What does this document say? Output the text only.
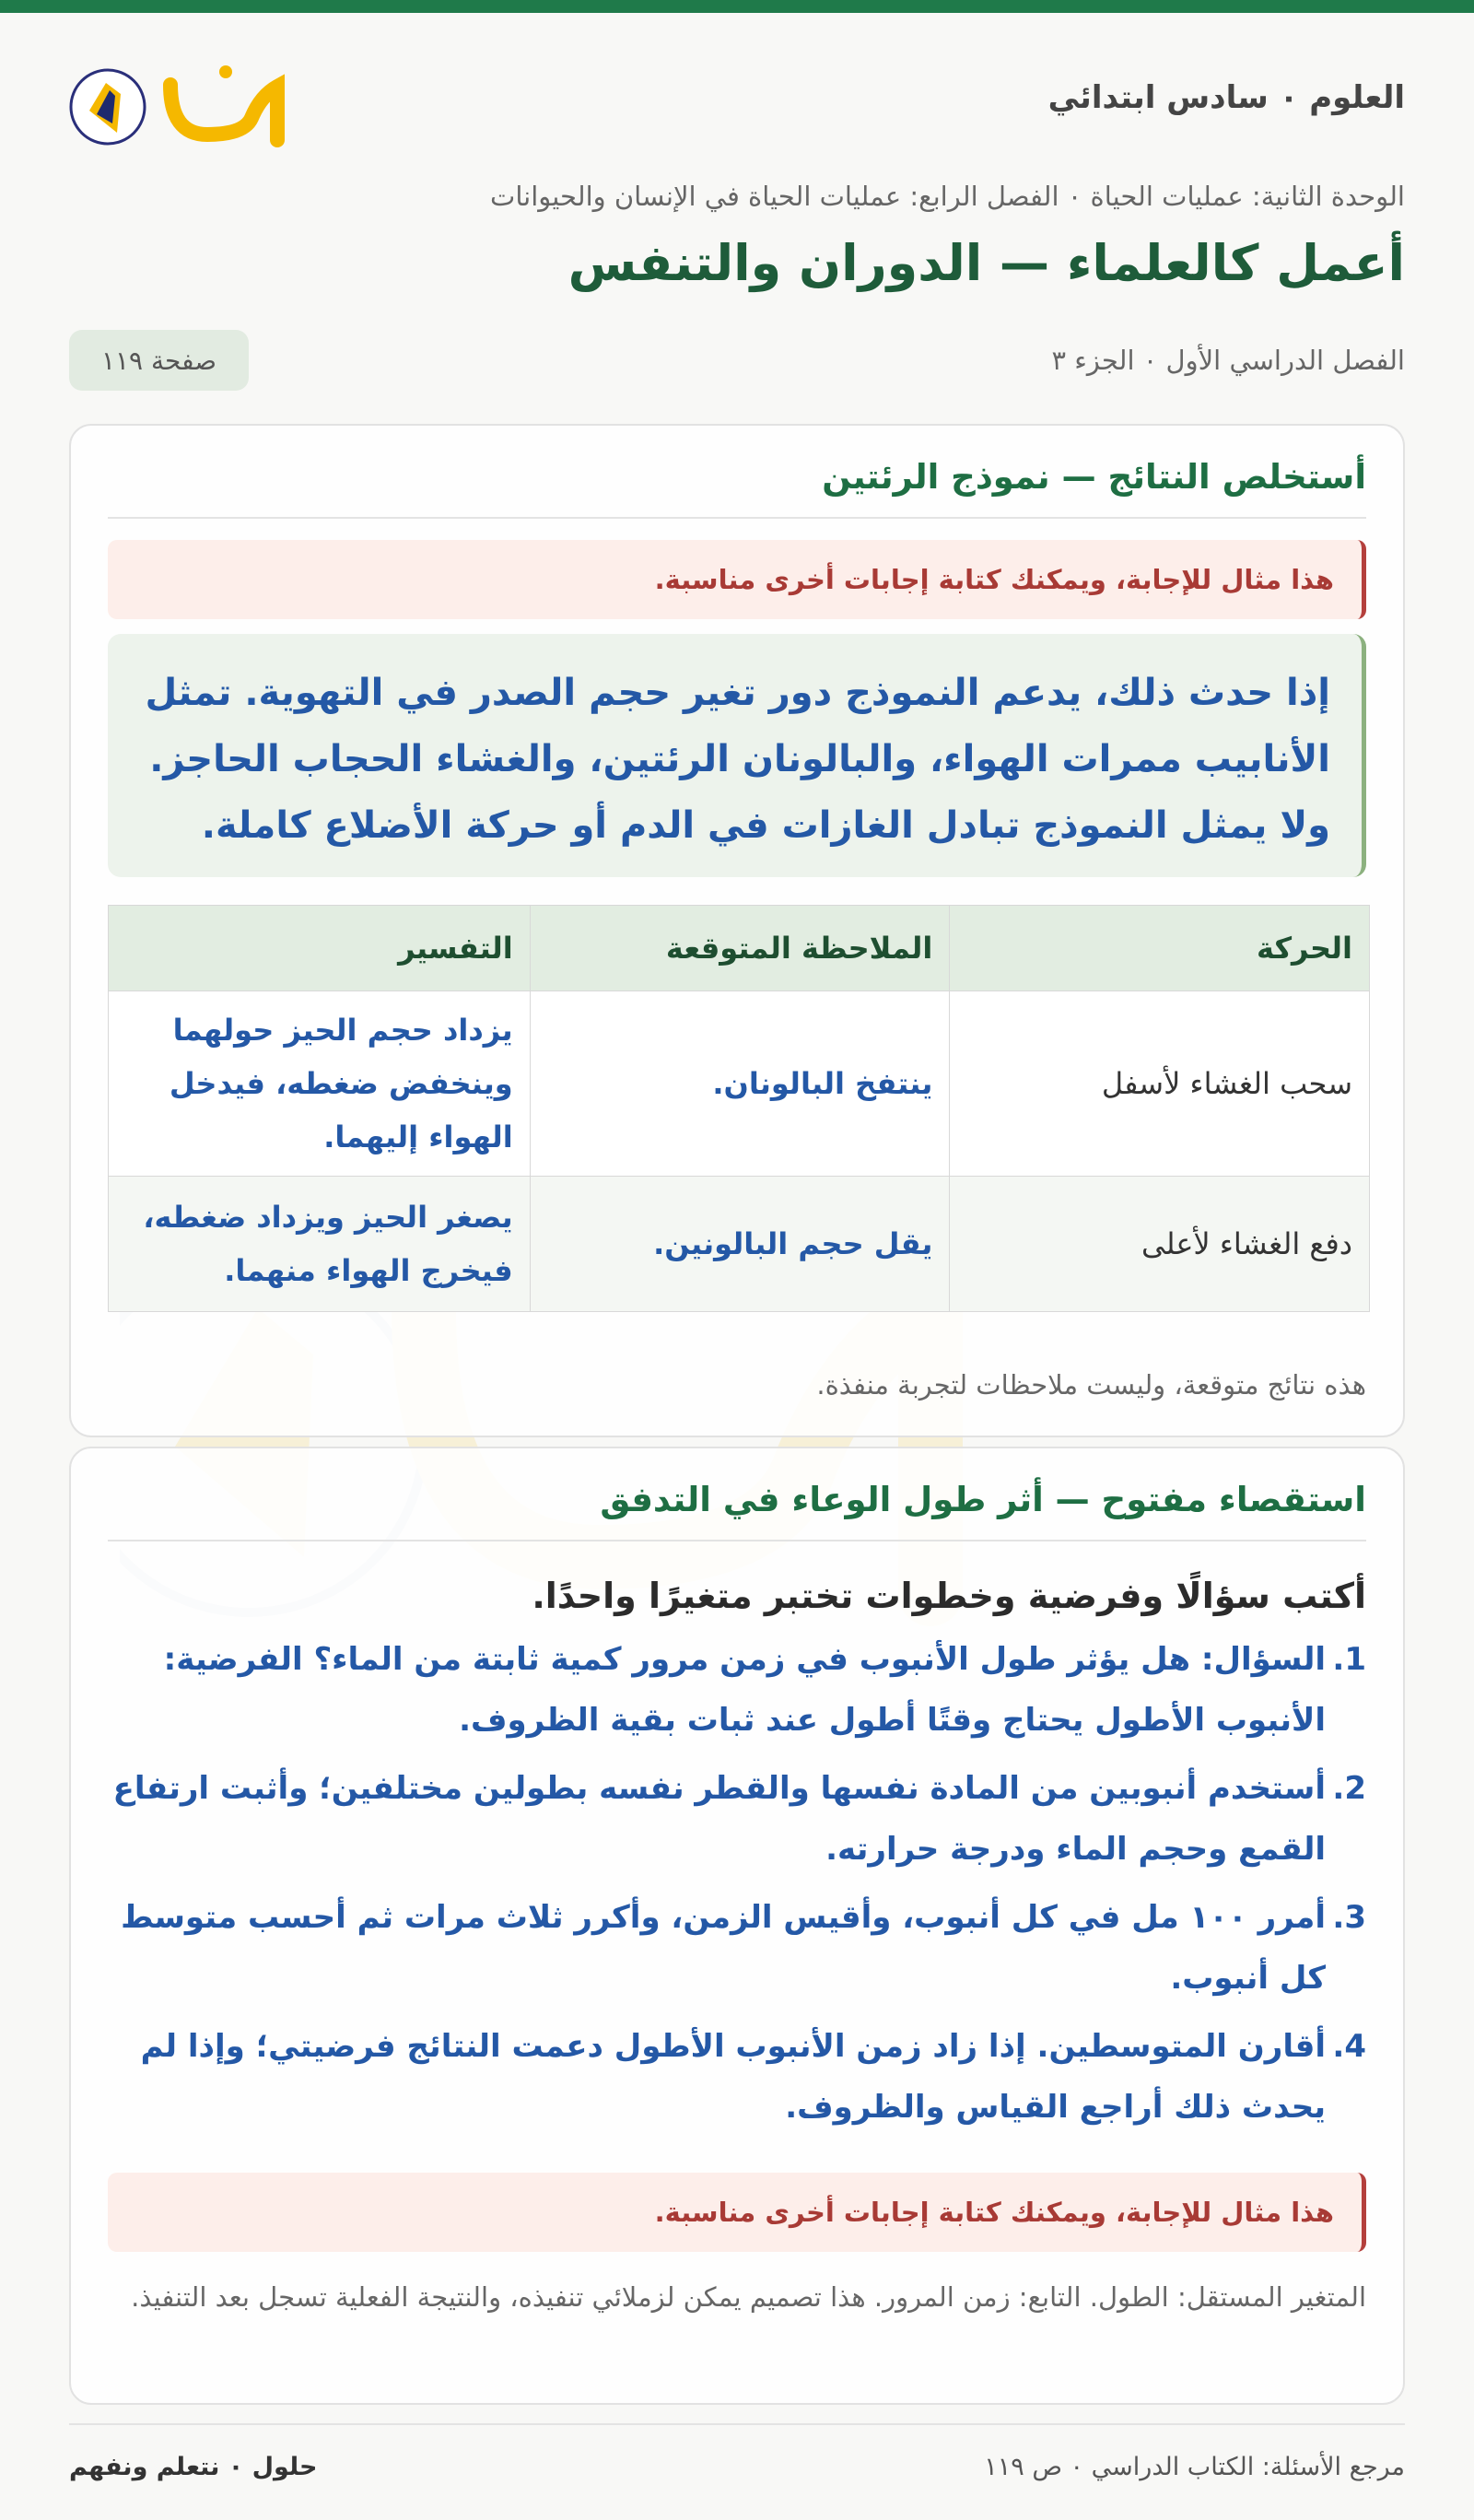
العلوم ٠ سادس ابتدائي
الوحدة الثانية: عمليات الحياة ٠ الفصل الرابع: عمليات الحياة في الإنسان والحيوانات
أعمل كالعلماء — الدوران والتنفس
الفصل الدراسي الأول ٠ الجزء ٣
صفحة ١١٩
أستخلص النتائج — نموذج الرئتين
هذا مثال للإجابة، ويمكنك كتابة إجابات أخرى مناسبة.
إذا حدث ذلك، يدعم النموذج دور تغير حجم الصدر في التهوية. تمثل الأنابيب ممرات الهواء، والبالونان الرئتين، والغشاء الحجاب الحاجز. ولا يمثل النموذج تبادل الغازات في الدم أو حركة الأضلاع كاملة.
الحركة	الملاحظة المتوقعة	التفسير
سحب الغشاء لأسفل	ينتفخ البالونان.	يزداد حجم الحيز حولهما وينخفض ضغطه، فيدخل الهواء إليهما.
دفع الغشاء لأعلى	يقل حجم البالونين.	يصغر الحيز ويزداد ضغطه، فيخرج الهواء منهما.
هذه نتائج متوقعة، وليست ملاحظات لتجربة منفذة.
استقصاء مفتوح — أثر طول الوعاء في التدفق
أكتب سؤالًا وفرضية وخطوات تختبر متغيرًا واحدًا.
1.
السؤال: هل يؤثر طول الأنبوب في زمن مرور كمية ثابتة من الماء؟ الفرضية: الأنبوب الأطول يحتاج وقتًا أطول عند ثبات بقية الظروف.
2.
أستخدم أنبوبين من المادة نفسها والقطر نفسه بطولين مختلفين؛ وأثبت ارتفاع القمع وحجم الماء ودرجة حرارته.
3.
أمرر ١٠٠ مل في كل أنبوب، وأقيس الزمن، وأكرر ثلاث مرات ثم أحسب متوسط كل أنبوب.
4.
أقارن المتوسطين. إذا زاد زمن الأنبوب الأطول دعمت النتائج فرضيتي؛ وإذا لم يحدث ذلك أراجع القياس والظروف.
هذا مثال للإجابة، ويمكنك كتابة إجابات أخرى مناسبة.
المتغير المستقل: الطول. التابع: زمن المرور. هذا تصميم يمكن لزملائي تنفيذه، والنتيجة الفعلية تسجل بعد التنفيذ.
مرجع الأسئلة: الكتاب الدراسي ٠ ص ١١٩
حلول ٠ نتعلم ونفهم
